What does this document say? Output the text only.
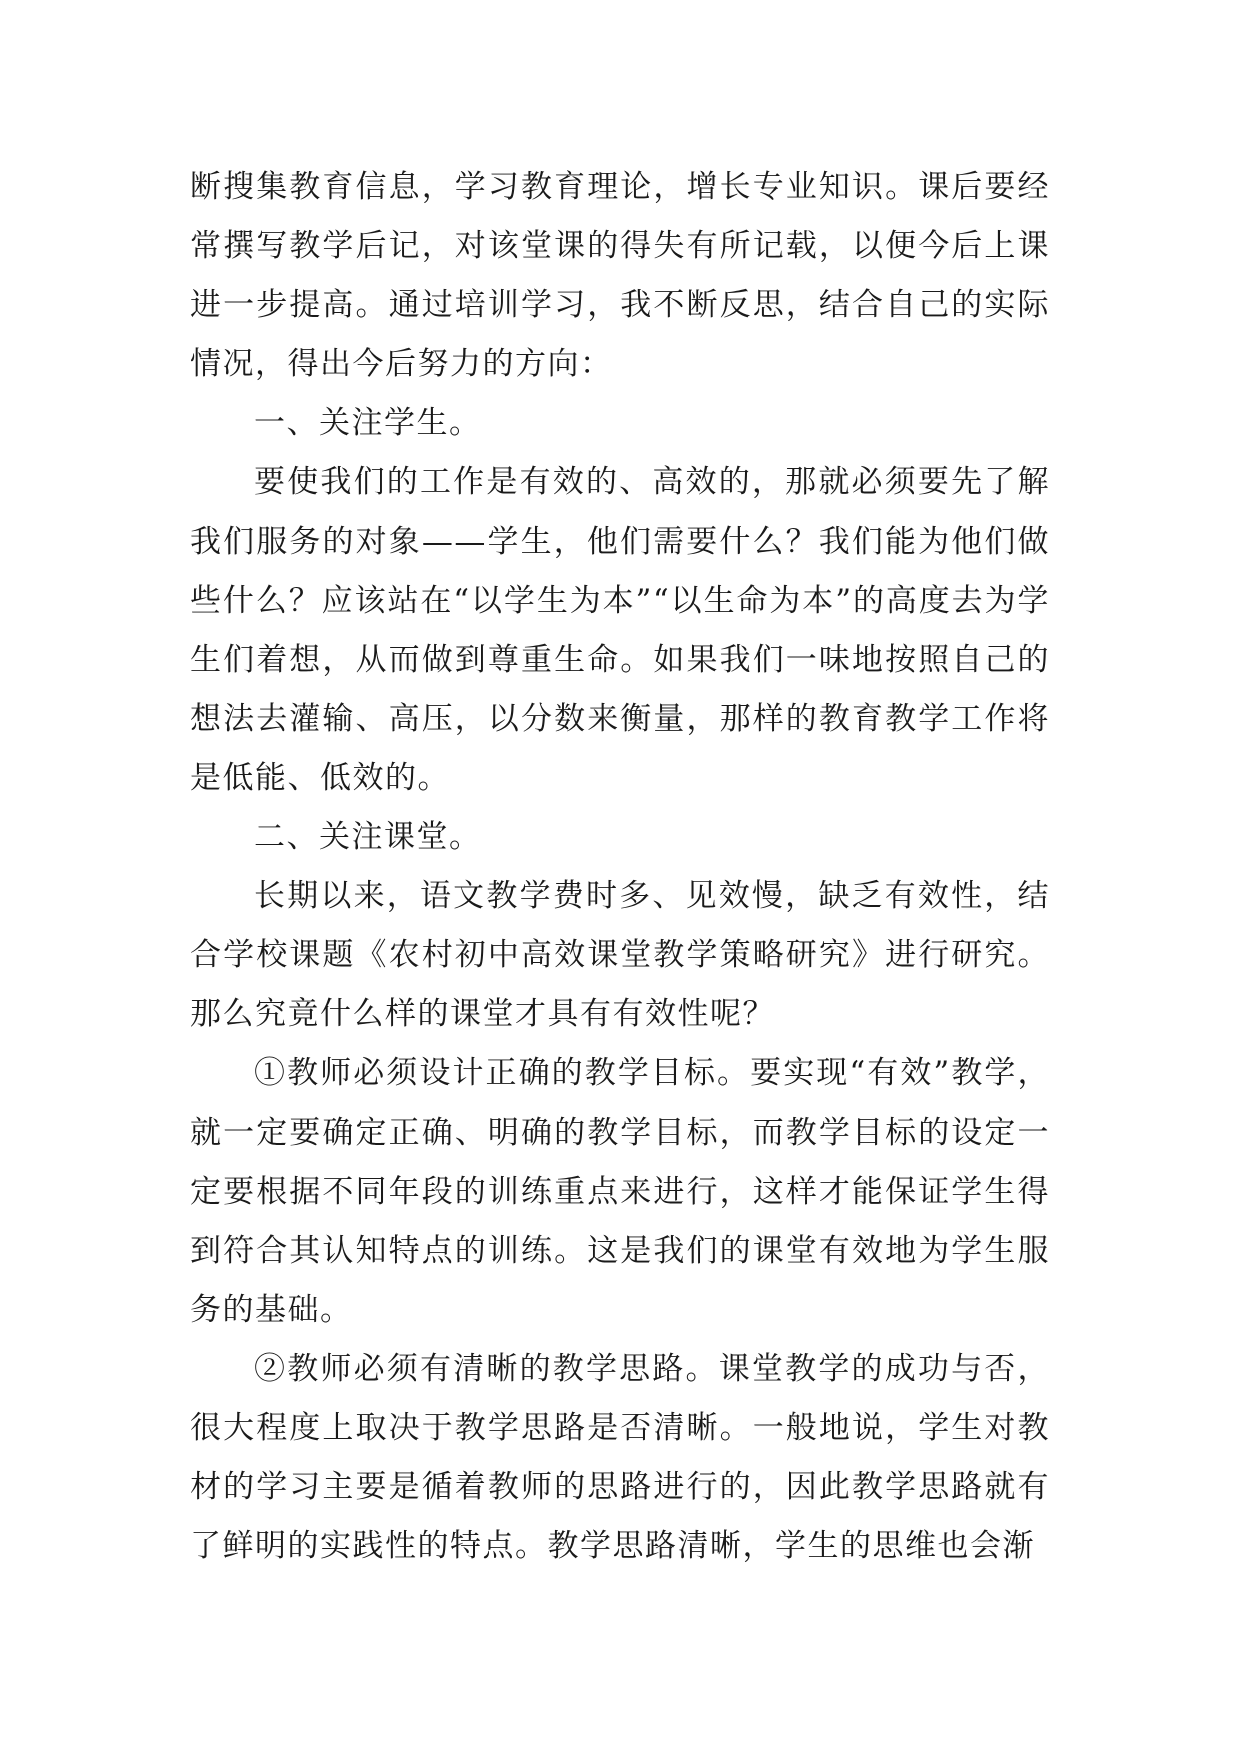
断搜集教育信息，学习教育理论，增长专业知识。课后要经常撰写教学后记，对该堂课的得失有所记载，以便今后上课进一步提高。通过培训学习，我不断反思，结合自己的实际情况，得出今后努力的方向：

一、关注学生。

要使我们的工作是有效的、高效的，那就必须要先了解我们服务的对象——学生，他们需要什么？我们能为他们做些什么？应该站在“以学生为本”“以生命为本”的高度去为学生们着想，从而做到尊重生命。如果我们一味地按照自己的想法去灌输、高压，以分数来衡量，那样的教育教学工作将是低能、低效的。

二、关注课堂。

长期以来，语文教学费时多、见效慢，缺乏有效性，结合学校课题《农村初中高效课堂教学策略研究》进行研究。那么究竟什么样的课堂才具有有效性呢？

①教师必须设计正确的教学目标。要实现“有效”教学，就一定要确定正确、明确的教学目标，而教学目标的设定一定要根据不同年段的训练重点来进行，这样才能保证学生得到符合其认知特点的训练。这是我们的课堂有效地为学生服务的基础。

②教师必须有清晰的教学思路。课堂教学的成功与否，很大程度上取决于教学思路是否清晰。一般地说，学生对教材的学习主要是循着教师的思路进行的，因此教学思路就有了鲜明的实践性的特点。教学思路清晰，学生的思维也会渐
